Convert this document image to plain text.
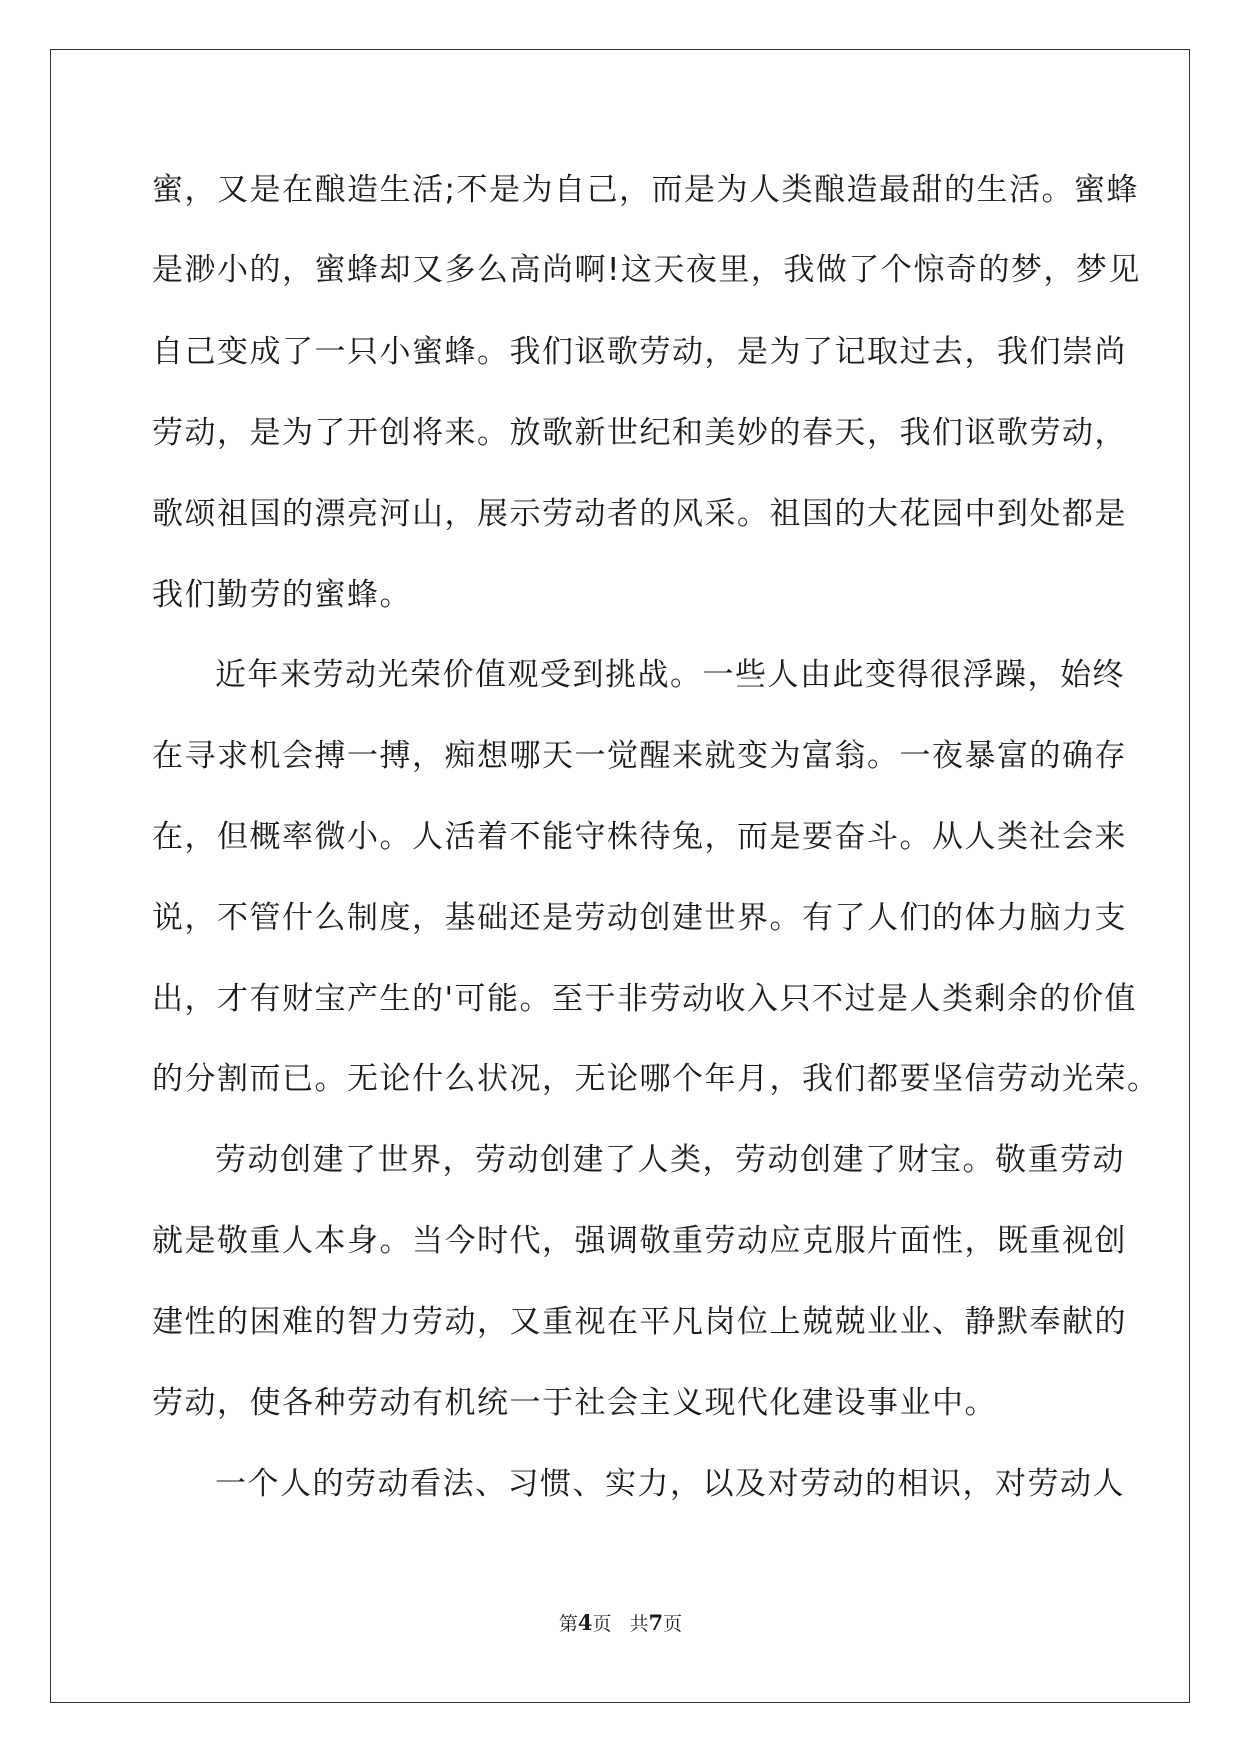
蜜，又是在酿造生活;不是为自己，而是为人类酿造最甜的生活。蜜蜂
是渺小的，蜜蜂却又多么高尚啊!这天夜里，我做了个惊奇的梦，梦见
自己变成了一只小蜜蜂。我们讴歌劳动，是为了记取过去，我们崇尚
劳动，是为了开创将来。放歌新世纪和美妙的春天，我们讴歌劳动，
歌颂祖国的漂亮河山，展示劳动者的风采。祖国的大花园中到处都是
我们勤劳的蜜蜂。
近年来劳动光荣价值观受到挑战。一些人由此变得很浮躁，始终
在寻求机会搏一搏，痴想哪天一觉醒来就变为富翁。一夜暴富的确存
在，但概率微小。人活着不能守株待兔，而是要奋斗。从人类社会来
说，不管什么制度，基础还是劳动创建世界。有了人们的体力脑力支
出，才有财宝产生的'可能。至于非劳动收入只不过是人类剩余的价值
的分割而已。无论什么状况，无论哪个年月，我们都要坚信劳动光荣。
劳动创建了世界，劳动创建了人类，劳动创建了财宝。敬重劳动
就是敬重人本身。当今时代，强调敬重劳动应克服片面性，既重视创
建性的困难的智力劳动，又重视在平凡岗位上兢兢业业、静默奉献的
劳动，使各种劳动有机统一于社会主义现代化建设事业中。
一个人的劳动看法、习惯、实力，以及对劳动的相识，对劳动人
第4页 共7页
